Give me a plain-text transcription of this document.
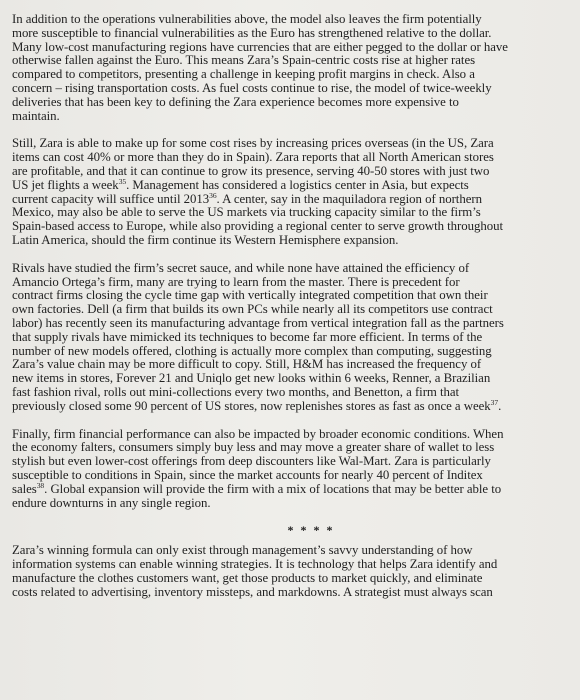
In addition to the operations vulnerabilities above, the model also leaves the firm potentially
more susceptible to financial vulnerabilities as the Euro has strengthened relative to the dollar.
Many low-cost manufacturing regions have currencies that are either pegged to the dollar or have
otherwise fallen against the Euro. This means Zara’s Spain-centric costs rise at higher rates
compared to competitors, presenting a challenge in keeping profit margins in check. Also a
concern – rising transportation costs. As fuel costs continue to rise, the model of twice-weekly
deliveries that has been key to defining the Zara experience becomes more expensive to
maintain.
Still, Zara is able to make up for some cost rises by increasing prices overseas (in the US, Zara
items can cost 40% or more than they do in Spain). Zara reports that all North American stores
are profitable, and that it can continue to grow its presence, serving 40-50 stores with just two
US jet flights a week$^{35}$. Management has considered a logistics center in Asia, but expects
current capacity will suffice until 2013$^{36}$. A center, say in the maquiladora region of northern
Mexico, may also be able to serve the US markets via trucking capacity similar to the firm’s
Spain-based access to Europe, while also providing a regional center to serve growth throughout
Latin America, should the firm continue its Western Hemisphere expansion.
Rivals have studied the firm’s secret sauce, and while none have attained the efficiency of
Amancio Ortega’s firm, many are trying to learn from the master. There is precedent for
contract firms closing the cycle time gap with vertically integrated competition that own their
own factories. Dell (a firm that builds its own PCs while nearly all its competitors use contract
labor) has recently seen its manufacturing advantage from vertical integration fall as the partners
that supply rivals have mimicked its techniques to become far more efficient. In terms of the
number of new models offered, clothing is actually more complex than computing, suggesting
Zara’s value chain may be more difficult to copy. Still, H&M has increased the frequency of
new items in stores, Forever 21 and Uniqlo get new looks within 6 weeks, Renner, a Brazilian
fast fashion rival, rolls out mini-collections every two months, and Benetton, a firm that
previously closed some 90 percent of US stores, now replenishes stores as fast as once a week$^{37}$.
Finally, firm financial performance can also be impacted by broader economic conditions. When
the economy falters, consumers simply buy less and may move a greater share of wallet to less
stylish but even lower-cost offerings from deep discounters like Wal-Mart. Zara is particularly
susceptible to conditions in Spain, since the market accounts for nearly 40 percent of Inditex
sales$^{38}$. Global expansion will provide the firm with a mix of locations that may be better able to
endure downturns in any single region.
* * * *
Zara’s winning formula can only exist through management’s savvy understanding of how
information systems can enable winning strategies. It is technology that helps Zara identify and
manufacture the clothes customers want, get those products to market quickly, and eliminate
costs related to advertising, inventory missteps, and markdowns. A strategist must always scan
